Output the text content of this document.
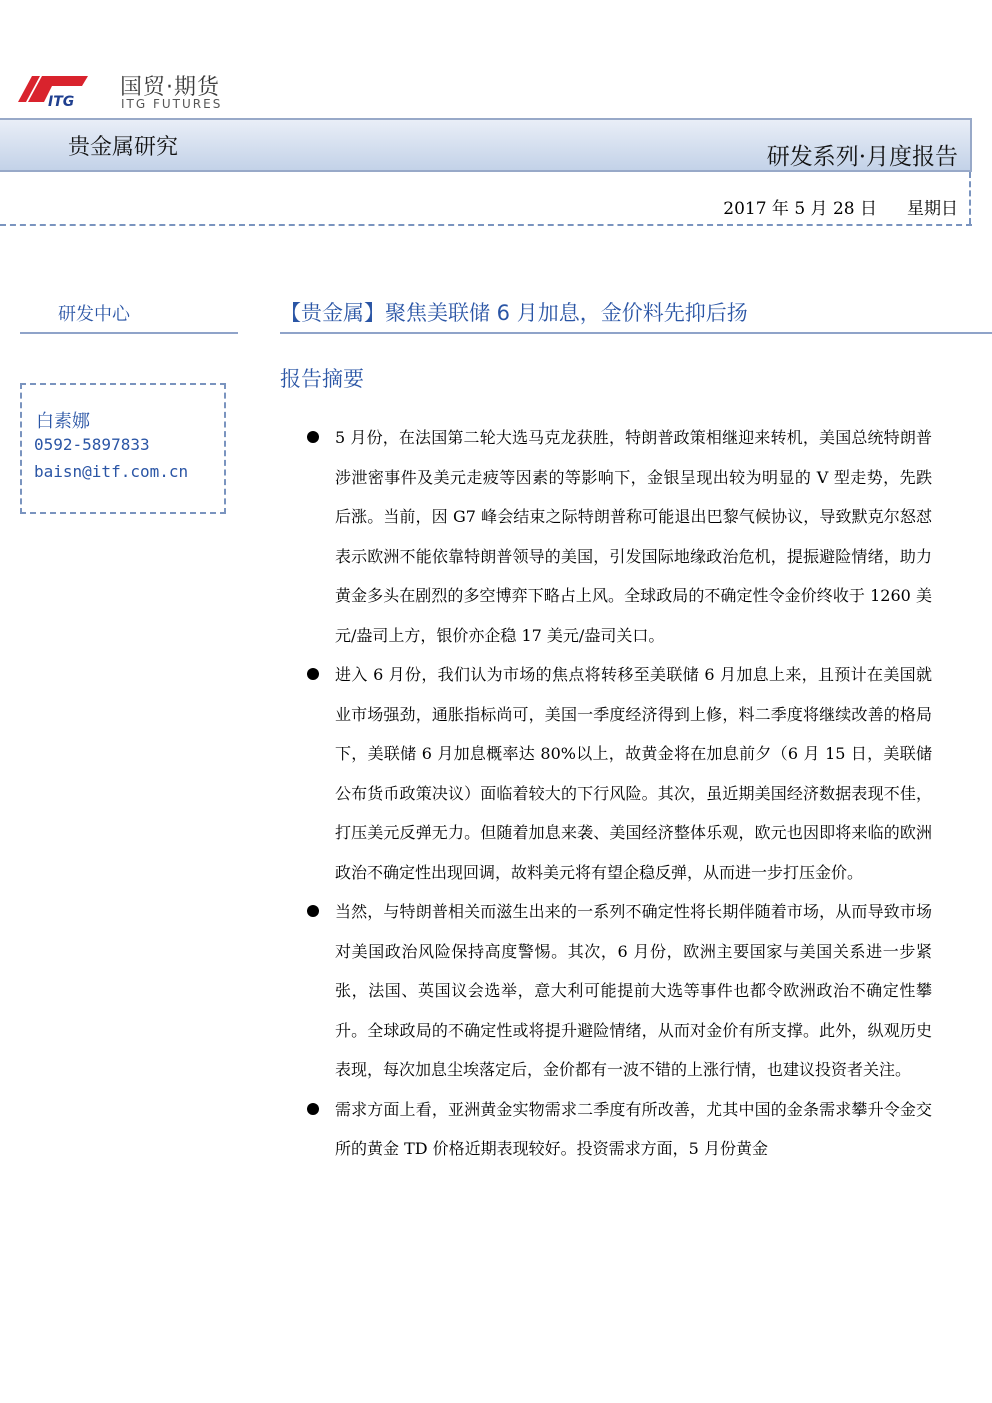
ITG
国贸·期货
ITG FUTURES
贵金属研究	研发系列·月度报告
2017 年 5 月 28 日 星期日
研发中心
白素娜
0592-5897833
baisn@itf.com.cn
【贵金属】聚焦美联储 6 月加息，金价料先抑后扬
报告摘要
5 月份，在法国第二轮大选马克龙获胜，特朗普政策相继迎来转机，美国总统特朗普涉泄密事件及美元走疲等因素的等影响下，金银呈现出较为明显的 V 型走势，先跌后涨。当前，因 G7 峰会结束之际特朗普称可能退出巴黎气候协议，导致默克尔怒怼表示欧洲不能依靠特朗普领导的美国，引发国际地缘政治危机，提振避险情绪，助力黄金多头在剧烈的多空博弈下略占上风。全球政局的不确定性令金价终收于 1260 美元/盎司上方，银价亦企稳 17 美元/盎司关口。
进入 6 月份，我们认为市场的焦点将转移至美联储 6 月加息上来，且预计在美国就业市场强劲，通胀指标尚可，美国一季度经济得到上修，料二季度将继续改善的格局下，美联储 6 月加息概率达 80%以上，故黄金将在加息前夕（6 月 15 日，美联储公布货币政策决议）面临着较大的下行风险。其次，虽近期美国经济数据表现不佳，打压美元反弹无力。但随着加息来袭、美国经济整体乐观，欧元也因即将来临的欧洲政治不确定性出现回调，故料美元将有望企稳反弹，从而进一步打压金价。
当然，与特朗普相关而滋生出来的一系列不确定性将长期伴随着市场，从而导致市场对美国政治风险保持高度警惕。其次，6 月份，欧洲主要国家与美国关系进一步紧张，法国、英国议会选举，意大利可能提前大选等事件也都令欧洲政治不确定性攀升。全球政局的不确定性或将提升避险情绪，从而对金价有所支撑。此外，纵观历史表现，每次加息尘埃落定后，金价都有一波不错的上涨行情，也建议投资者关注。
需求方面上看，亚洲黄金实物需求二季度有所改善，尤其中国的金条需求攀升令金交所的黄金 TD 价格近期表现较好。投资需求方面，5 月份黄金
